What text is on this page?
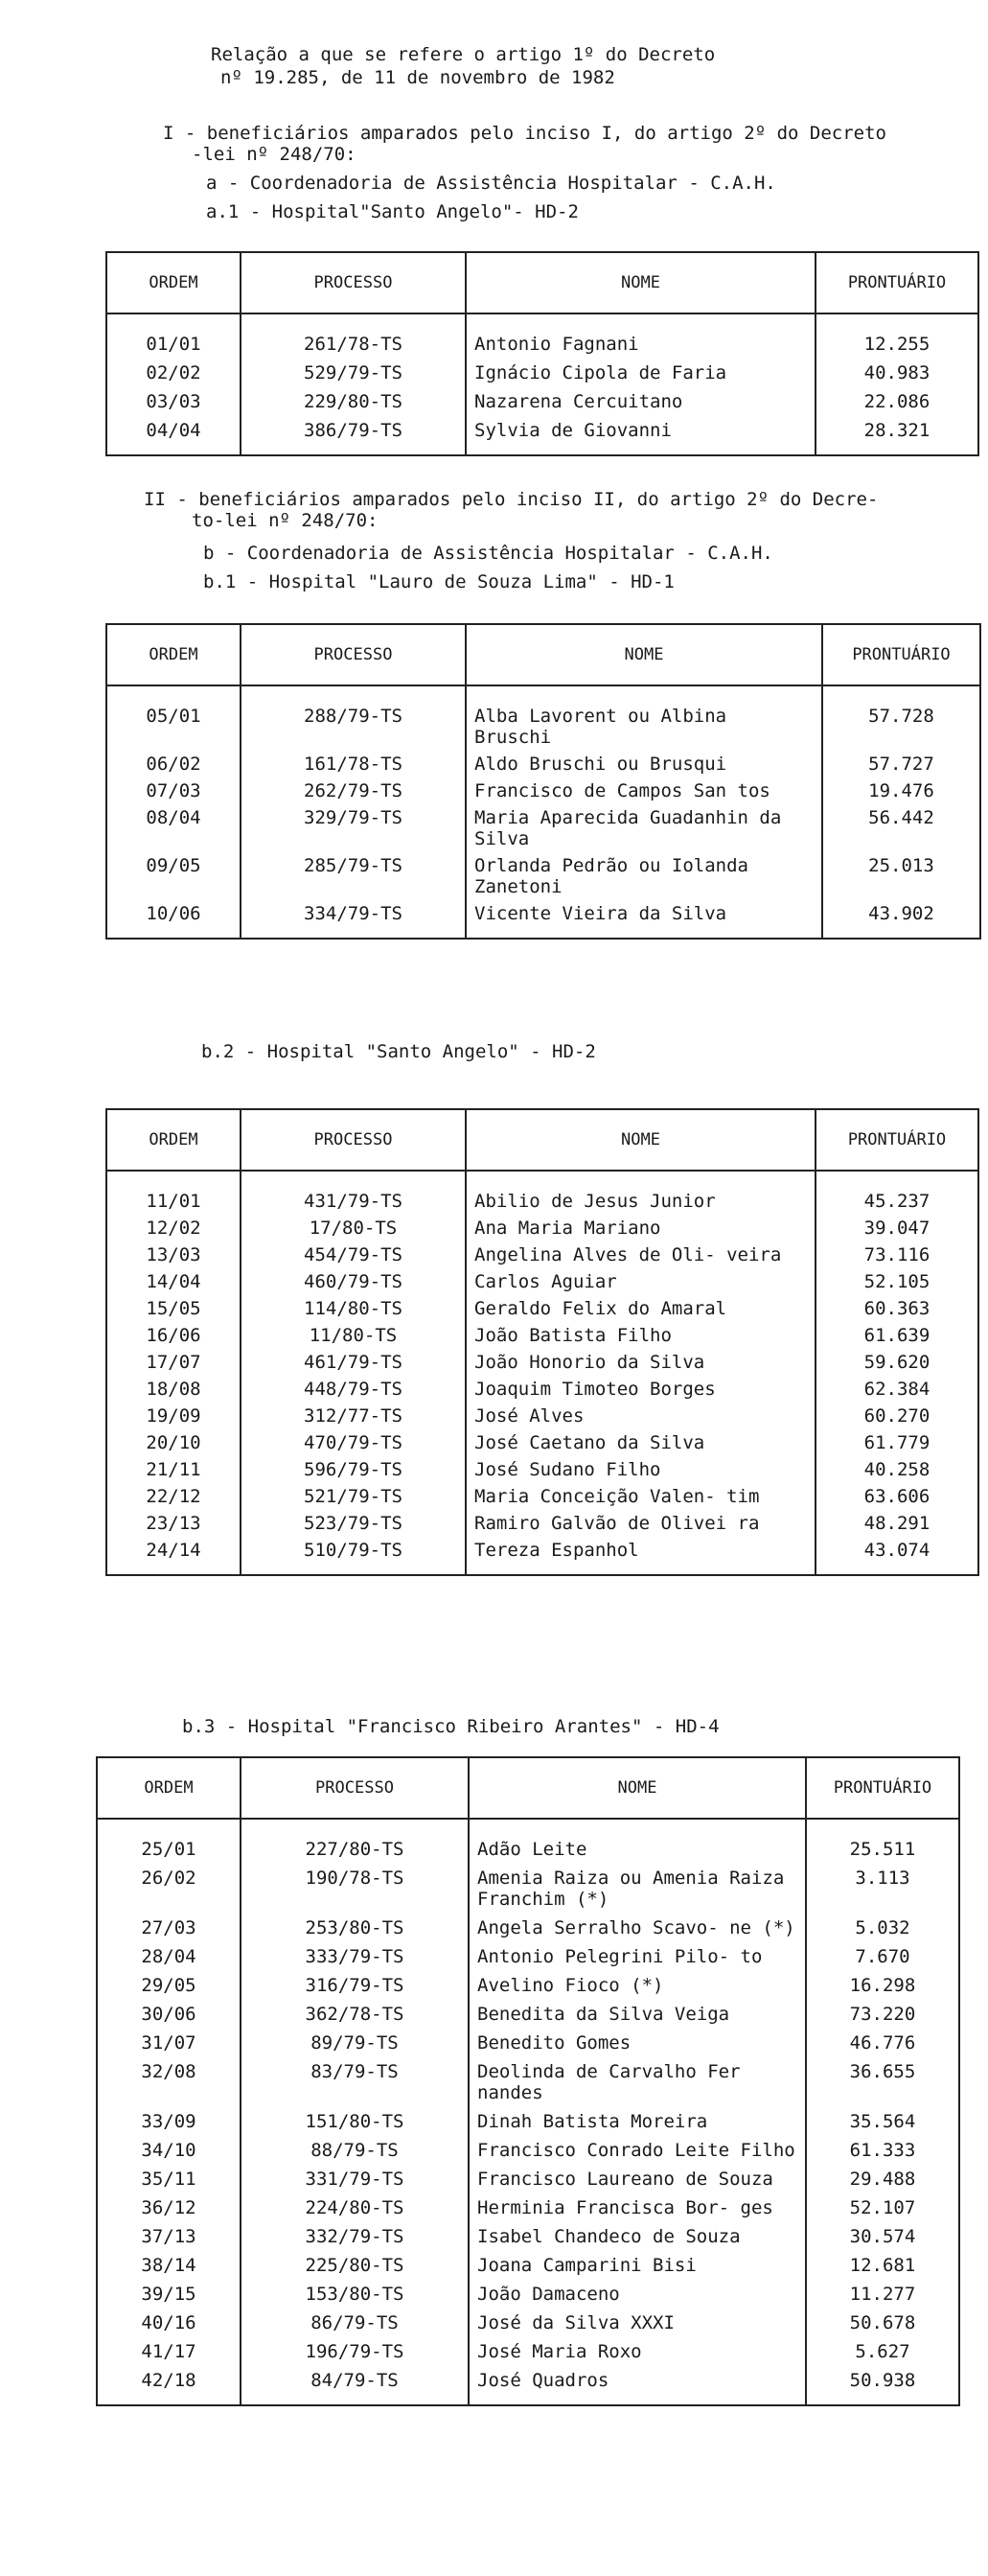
Relação a que se refere o artigo 1º do Decreto
nº 19.285, de 11 de novembro de 1982
I - beneficiários amparados pelo inciso I, do artigo 2º do Decreto
-lei nº 248/70:
a - Coordenadoria de Assistência Hospitalar - C.A.H.
a.1 - Hospital"Santo Angelo"- HD-2
ORDEM	PROCESSO	NOME	PRONTUÁRIO
01/01	261/78-TS	Antonio Fagnani	12.255
02/02	529/79-TS	Ignácio Cipola de Faria	40.983
03/03	229/80-TS	Nazarena Cercuitano	22.086
04/04	386/79-TS	Sylvia de Giovanni	28.321
II - beneficiários amparados pelo inciso II, do artigo 2º do Decre-
to-lei nº 248/70:
b - Coordenadoria de Assistência Hospitalar - C.A.H.
b.1 - Hospital "Lauro de Souza Lima" - HD-1
ORDEM	PROCESSO	NOME	PRONTUÁRIO
05/01	288/79-TS	Alba Lavorent ou Albina Bruschi	57.728
06/02	161/78-TS	Aldo Bruschi ou Brusqui	57.727
07/03	262/79-TS	Francisco de Campos San tos	19.476
08/04	329/79-TS	Maria Aparecida Guadanhin da Silva	56.442
09/05	285/79-TS	Orlanda Pedrão ou Iolanda Zanetoni	25.013
10/06	334/79-TS	Vicente Vieira da Silva	43.902
b.2 - Hospital "Santo Angelo" - HD-2
ORDEM	PROCESSO	NOME	PRONTUÁRIO
11/01	431/79-TS	Abilio de Jesus Junior	45.237
12/02	17/80-TS	Ana Maria Mariano	39.047
13/03	454/79-TS	Angelina Alves de Oli- veira	73.116
14/04	460/79-TS	Carlos Aguiar	52.105
15/05	114/80-TS	Geraldo Felix do Amaral	60.363
16/06	11/80-TS	João Batista Filho	61.639
17/07	461/79-TS	João Honorio da Silva	59.620
18/08	448/79-TS	Joaquim Timoteo Borges	62.384
19/09	312/77-TS	José Alves	60.270
20/10	470/79-TS	José Caetano da Silva	61.779
21/11	596/79-TS	José Sudano Filho	40.258
22/12	521/79-TS	Maria Conceição Valen- tim	63.606
23/13	523/79-TS	Ramiro Galvão de Olivei ra	48.291
24/14	510/79-TS	Tereza Espanhol	43.074
b.3 - Hospital "Francisco Ribeiro Arantes" - HD-4
ORDEM	PROCESSO	NOME	PRONTUÁRIO
25/01	227/80-TS	Adão Leite	25.511
26/02	190/78-TS	Amenia Raiza ou Amenia Raiza Franchim (*)	3.113
27/03	253/80-TS	Angela Serralho Scavo- ne (*)	5.032
28/04	333/79-TS	Antonio Pelegrini Pilo- to	7.670
29/05	316/79-TS	Avelino Fioco (*)	16.298
30/06	362/78-TS	Benedita da Silva Veiga	73.220
31/07	89/79-TS	Benedito Gomes	46.776
32/08	83/79-TS	Deolinda de Carvalho Fer nandes	36.655
33/09	151/80-TS	Dinah Batista Moreira	35.564
34/10	88/79-TS	Francisco Conrado Leite Filho	61.333
35/11	331/79-TS	Francisco Laureano de Souza	29.488
36/12	224/80-TS	Herminia Francisca Bor- ges	52.107
37/13	332/79-TS	Isabel Chandeco de Souza	30.574
38/14	225/80-TS	Joana Camparini Bisi	12.681
39/15	153/80-TS	João Damaceno	11.277
40/16	86/79-TS	José da Silva XXXI	50.678
41/17	196/79-TS	José Maria Roxo	5.627
42/18	84/79-TS	José Quadros	50.938
